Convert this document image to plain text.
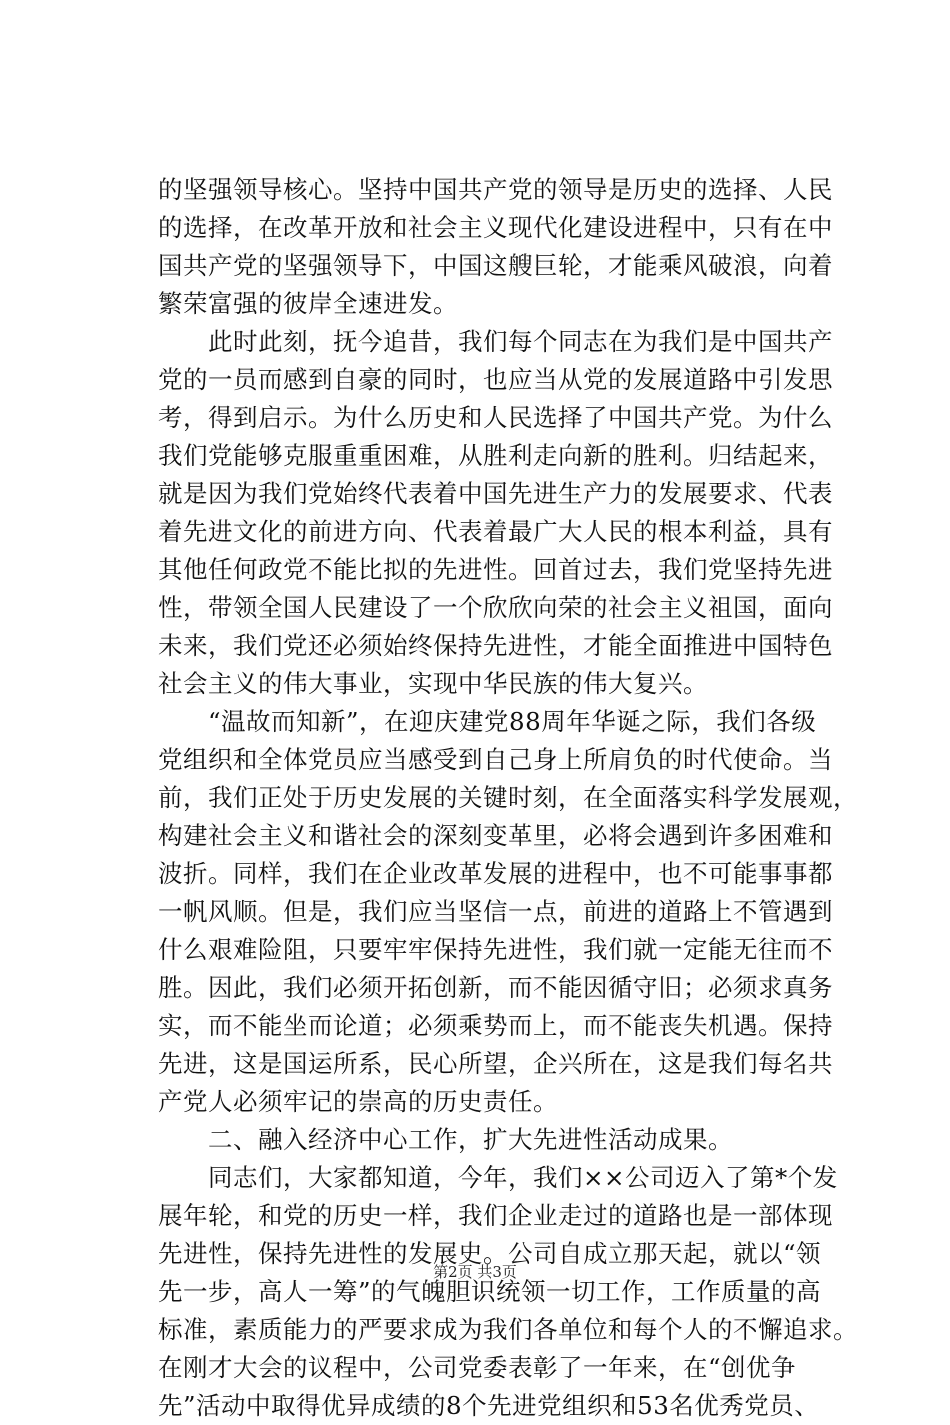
的坚强领导核心。坚持中国共产党的领导是历史的选择、人民
的选择，在改革开放和社会主义现代化建设进程中，只有在中
国共产党的坚强领导下，中国这艘巨轮，才能乘风破浪，向着
繁荣富强的彼岸全速进发。
　　此时此刻，抚今追昔，我们每个同志在为我们是中国共产
党的一员而感到自豪的同时，也应当从党的发展道路中引发思
考，得到启示。为什么历史和人民选择了中国共产党。为什么
我们党能够克服重重困难，从胜利走向新的胜利。归结起来，
就是因为我们党始终代表着中国先进生产力的发展要求、代表
着先进文化的前进方向、代表着最广大人民的根本利益，具有
其他任何政党不能比拟的先进性。回首过去，我们党坚持先进
性，带领全国人民建设了一个欣欣向荣的社会主义祖国，面向
未来，我们党还必须始终保持先进性，才能全面推进中国特色
社会主义的伟大事业，实现中华民族的伟大复兴。
　　“温故而知新”，在迎庆建党88周年华诞之际，我们各级
党组织和全体党员应当感受到自己身上所肩负的时代使命。当
前，我们正处于历史发展的关键时刻，在全面落实科学发展观，
构建社会主义和谐社会的深刻变革里，必将会遇到许多困难和
波折。同样，我们在企业改革发展的进程中，也不可能事事都
一帆风顺。但是，我们应当坚信一点，前进的道路上不管遇到
什么艰难险阻，只要牢牢保持先进性，我们就一定能无往而不
胜。因此，我们必须开拓创新，而不能因循守旧；必须求真务
实，而不能坐而论道；必须乘势而上，而不能丧失机遇。保持
先进，这是国运所系，民心所望，企兴所在，这是我们每名共
产党人必须牢记的崇高的历史责任。
　　二、融入经济中心工作，扩大先进性活动成果。
　　同志们，大家都知道，今年，我们××公司迈入了第*个发
展年轮，和党的历史一样，我们企业走过的道路也是一部体现
先进性，保持先进性的发展史。公司自成立那天起，就以“领
先一步，高人一筹”的气魄胆识统领一切工作，工作质量的高
标准，素质能力的严要求成为我们各单位和每个人的不懈追求。
在刚才大会的议程中，公司党委表彰了一年来，在“创优争
先”活动中取得优异成绩的8个先进党组织和53名优秀党员、
第2页 共3页
